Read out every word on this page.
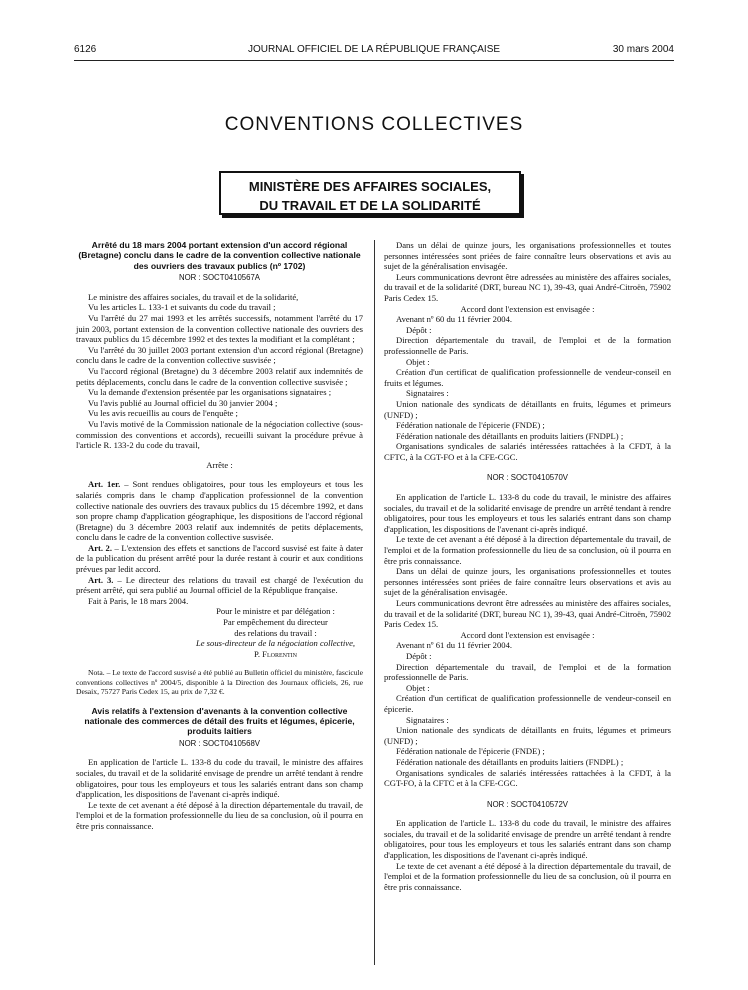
6126	JOURNAL OFFICIEL DE LA RÉPUBLIQUE FRANÇAISE	30 mars 2004
CONVENTIONS COLLECTIVES
MINISTÈRE DES AFFAIRES SOCIALES,
DU TRAVAIL ET DE LA SOLIDARITÉ
Arrêté du 18 mars 2004 portant extension d'un accord régional (Bretagne) conclu dans le cadre de la convention collective nationale des ouvriers des travaux publics (nº 1702)
NOR : SOCT0410567A

Le ministre des affaires sociales, du travail et de la solidarité,

Vu les articles L. 133-1 et suivants du code du travail ;

Vu l'arrêté du 27 mai 1993 et les arrêtés successifs, notamment l'arrêté du 17 juin 2003, portant extension de la convention collective nationale des ouvriers des travaux publics du 15 décembre 1992 et des textes la modifiant et la complétant ;

Vu l'arrêté du 30 juillet 2003 portant extension d'un accord régional (Bretagne) conclu dans le cadre de la convention collective susvisée ;

Vu l'accord régional (Bretagne) du 3 décembre 2003 relatif aux indemnités de petits déplacements, conclu dans le cadre de la convention collective susvisée ;

Vu la demande d'extension présentée par les organisations signataires ;

Vu l'avis publié au Journal officiel du 30 janvier 2004 ;

Vu les avis recueillis au cours de l'enquête ;

Vu l'avis motivé de la Commission nationale de la négociation collective (sous-commission des conventions et accords), recueilli suivant la procédure prévue à l'article R. 133-2 du code du travail,

Arrête :

Art. 1er. – Sont rendues obligatoires, pour tous les employeurs et tous les salariés compris dans le champ d'application professionnel de la convention collective nationale des ouvriers des travaux publics du 15 décembre 1992, et dans son propre champ d'application géographique, les dispositions de l'accord régional (Bretagne) du 3 décembre 2003 relatif aux indemnités de petits déplacements, conclu dans le cadre de la convention collective susvisée.

Art. 2. – L'extension des effets et sanctions de l'accord susvisé est faite à dater de la publication du présent arrêté pour la durée restant à courir et aux conditions prévues par ledit accord.

Art. 3. – Le directeur des relations du travail est chargé de l'exécution du présent arrêté, qui sera publié au Journal officiel de la République française.

Fait à Paris, le 18 mars 2004.

Pour le ministre et par délégation :

Par empêchement du directeur

des relations du travail :

Le sous-directeur de la négociation collective,

P. Florentin

Nota. – Le texte de l'accord susvisé a été publié au Bulletin officiel du ministère, fascicule conventions collectives nº 2004/5, disponible à la Direction des Journaux officiels, 26, rue Desaix, 75727 Paris Cedex 15, au prix de 7,32 €.

Avis relatifs à l'extension d'avenants à la convention collective nationale des commerces de détail des fruits et légumes, épicerie, produits laitiers
NOR : SOCT0410568V

En application de l'article L. 133-8 du code du travail, le ministre des affaires sociales, du travail et de la solidarité envisage de prendre un arrêté tendant à rendre obligatoires, pour tous les employeurs et tous les salariés entrant dans son champ d'application, les dispositions de l'avenant ci-après indiqué.

Le texte de cet avenant a été déposé à la direction départementale du travail, de l'emploi et de la formation professionnelle du lieu de sa conclusion, où il pourra en être pris connaissance.

Dans un délai de quinze jours, les organisations professionnelles et toutes personnes intéressées sont priées de faire connaître leurs observations et avis au sujet de la généralisation envisagée.

Leurs communications devront être adressées au ministère des affaires sociales, du travail et de la solidarité (DRT, bureau NC 1), 39-43, quai André-Citroën, 75902 Paris Cedex 15.

Accord dont l'extension est envisagée :

Avenant nº 60 du 11 février 2004.

Dépôt :

Direction départementale du travail, de l'emploi et de la formation professionnelle de Paris.

Objet :

Création d'un certificat de qualification professionnelle de vendeur-conseil en fruits et légumes.

Signataires :

Union nationale des syndicats de détaillants en fruits, légumes et primeurs (UNFD) ;

Fédération nationale de l'épicerie (FNDE) ;

Fédération nationale des détaillants en produits laitiers (FNDPL) ;

Organisations syndicales de salariés intéressées rattachées à la CFDT, à la CFTC, à la CGT-FO et à la CFE-CGC.

NOR : SOCT0410570V

En application de l'article L. 133-8 du code du travail, le ministre des affaires sociales, du travail et de la solidarité envisage de prendre un arrêté tendant à rendre obligatoires, pour tous les employeurs et tous les salariés entrant dans son champ d'application, les dispositions de l'avenant ci-après indiqué.

Le texte de cet avenant a été déposé à la direction départementale du travail, de l'emploi et de la formation professionnelle du lieu de sa conclusion, où il pourra en être pris connaissance.

Dans un délai de quinze jours, les organisations professionnelles et toutes personnes intéressées sont priées de faire connaître leurs observations et avis au sujet de la généralisation envisagée.

Leurs communications devront être adressées au ministère des affaires sociales, du travail et de la solidarité (DRT, bureau NC 1), 39-43, quai André-Citroën, 75902 Paris Cedex 15.

Accord dont l'extension est envisagée :

Avenant nº 61 du 11 février 2004.

Dépôt :

Direction départementale du travail, de l'emploi et de la formation professionnelle de Paris.

Objet :

Création d'un certificat de qualification professionnelle de vendeur-conseil en épicerie.

Signataires :

Union nationale des syndicats de détaillants en fruits, légumes et primeurs (UNFD) ;

Fédération nationale de l'épicerie (FNDE) ;

Fédération nationale des détaillants en produits laitiers (FNDPL) ;

Organisations syndicales de salariés intéressées rattachées à la CFDT, à la CGT-FO, à la CFTC et à la CFE-CGC.

NOR : SOCT0410572V

En application de l'article L. 133-8 du code du travail, le ministre des affaires sociales, du travail et de la solidarité envisage de prendre un arrêté tendant à rendre obligatoires, pour tous les employeurs et tous les salariés entrant dans son champ d'application, les dispositions de l'avenant ci-après indiqué.

Le texte de cet avenant a été déposé à la direction départementale du travail, de l'emploi et de la formation professionnelle du lieu de sa conclusion, où il pourra en être pris connaissance.
